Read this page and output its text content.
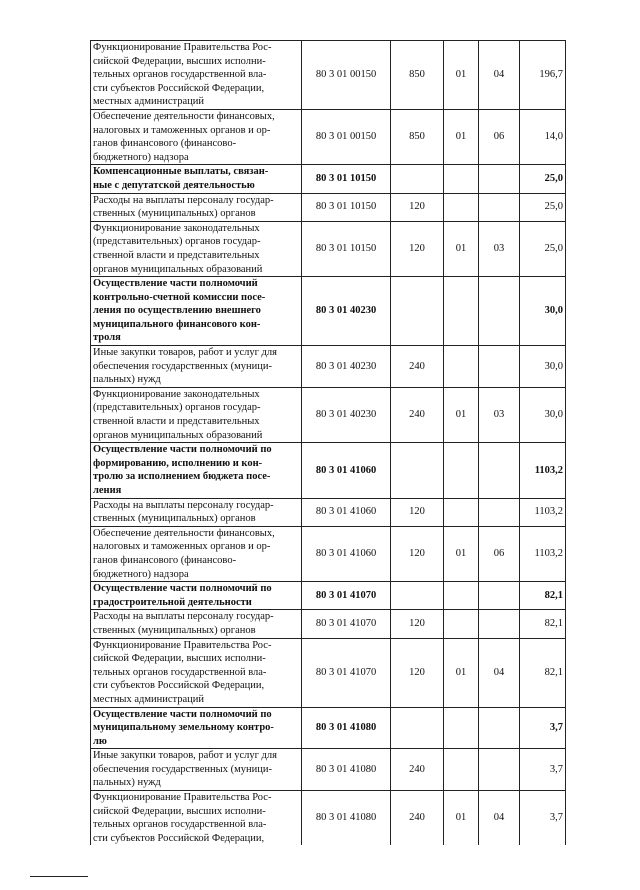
Функционирование Правительства Рос-
сийской Федерации, высших исполни-
тельных органов государственной вла-
сти субъектов Российской Федерации,
местных администраций	80 3 01 00150	850	01	04	196,7
Обеспечение деятельности финансовых,
налоговых и таможенных органов и ор-
ганов финансового (финансово-
бюджетного) надзора	80 3 01 00150	850	01	06	14,0
Компенсационные выплаты, связан-
ные с депутатской деятельностью	80 3 01 10150				25,0
Расходы на выплаты персоналу государ-
ственных (муниципальных) органов	80 3 01 10150	120			25,0
Функционирование законодательных
(представительных) органов государ-
ственной власти и представительных
органов муниципальных образований	80 3 01 10150	120	01	03	25,0
Осуществление части полномочий
контрольно-счетной комиссии посе-
ления по осуществлению внешнего
муниципального финансового кон-
троля	80 3 01 40230				30,0
Иные закупки товаров, работ и услуг для
обеспечения государственных (муници-
пальных) нужд	80 3 01 40230	240			30,0
Функционирование законодательных
(представительных) органов государ-
ственной власти и представительных
органов муниципальных образований	80 3 01 40230	240	01	03	30,0
Осуществление части полномочий по
формированию, исполнению и кон-
тролю за исполнением бюджета посе-
ления	80 3 01 41060				1103,2
Расходы на выплаты персоналу государ-
ственных (муниципальных) органов	80 3 01 41060	120			1103,2
Обеспечение деятельности финансовых,
налоговых и таможенных органов и ор-
ганов финансового (финансово-
бюджетного) надзора	80 3 01 41060	120	01	06	1103,2
Осуществление части полномочий по
градостроительной деятельности	80 3 01 41070				82,1
Расходы на выплаты персоналу государ-
ственных (муниципальных) органов	80 3 01 41070	120			82,1
Функционирование Правительства Рос-
сийской Федерации, высших исполни-
тельных органов государственной вла-
сти субъектов Российской Федерации,
местных администраций	80 3 01 41070	120	01	04	82,1
Осуществление части полномочий по
муниципальному земельному контро-
лю	80 3 01 41080				3,7
Иные закупки товаров, работ и услуг для
обеспечения государственных (муници-
пальных) нужд	80 3 01 41080	240			3,7
Функционирование Правительства Рос-
сийской Федерации, высших исполни-
тельных органов государственной вла-
сти субъектов Российской Федерации,	80 3 01 41080	240	01	04	3,7
